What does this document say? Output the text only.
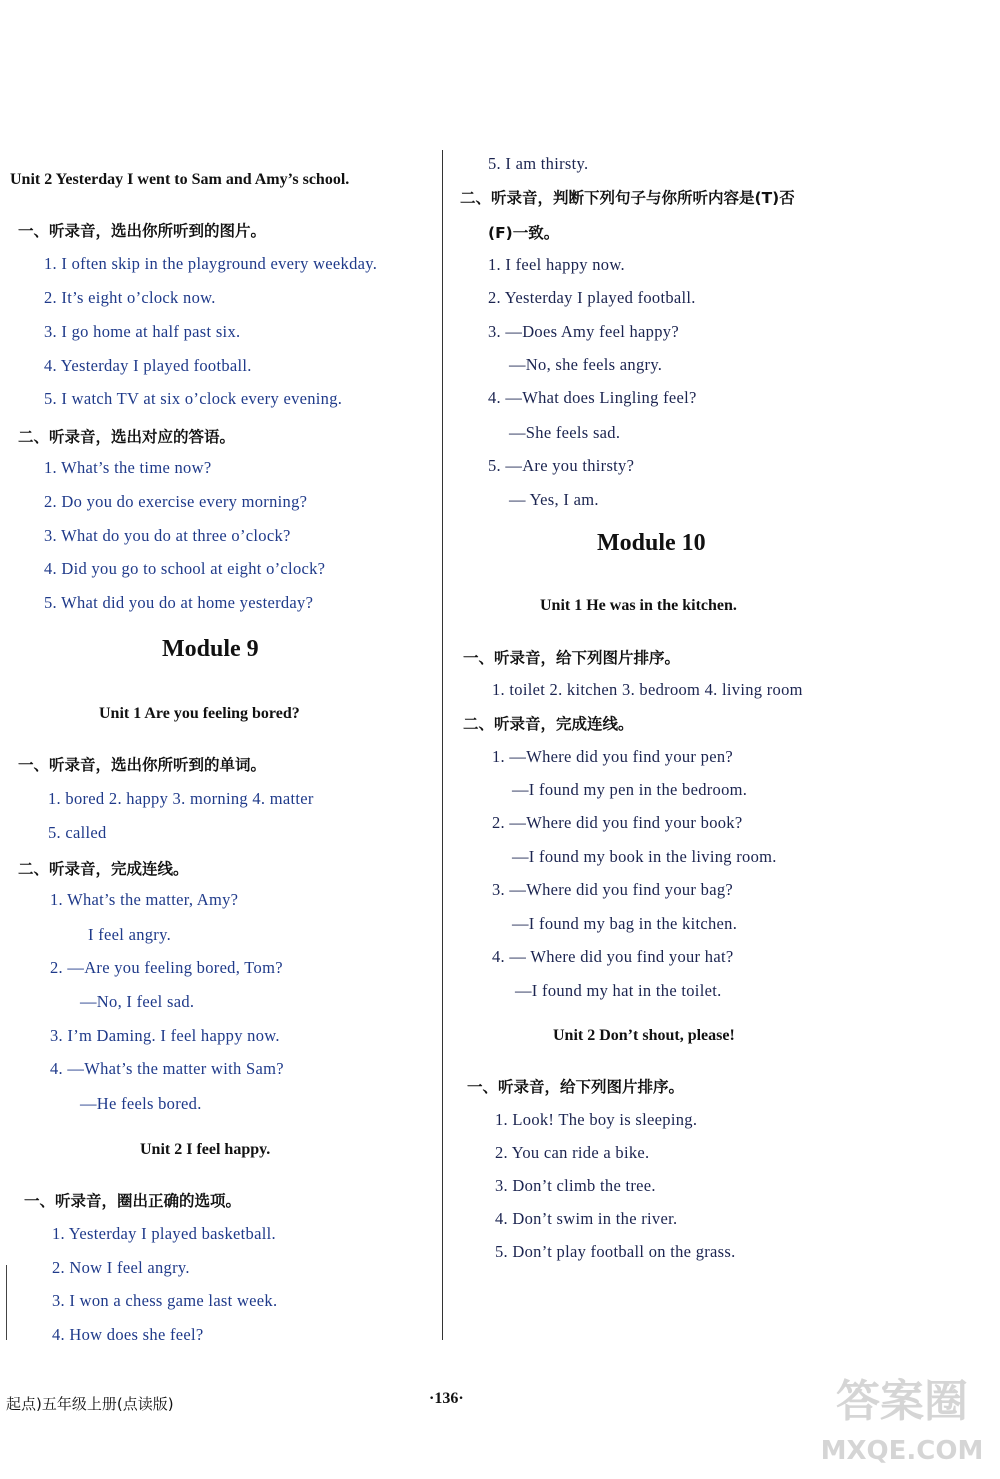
Unit 2 Yesterday I went to Sam and Amy’s school.
一、听录音，选出你所听到的图片。
1. I often skip in the playground every weekday.
2. It’s eight o’clock now.
3. I go home at half past six.
4. Yesterday I played football.
5. I watch TV at six o’clock every evening.
二、听录音，选出对应的答语。
1. What’s the time now?
2. Do you do exercise every morning?
3. What do you do at three o’clock?
4. Did you go to school at eight o’clock?
5. What did you do at home yesterday?
Module 9
Unit 1 Are you feeling bored?
一、听录音，选出你所听到的单词。
1. bored 2. happy 3. morning 4. matter
5. called
二、听录音，完成连线。
1. What’s the matter, Amy?
I feel angry.
2. —Are you feeling bored, Tom?
—No, I feel sad.
3. I’m Daming. I feel happy now.
4. —What’s the matter with Sam?
—He feels bored.
Unit 2 I feel happy.
一、听录音，圈出正确的选项。
1. Yesterday I played basketball.
2. Now I feel angry.
3. I won a chess game last week.
4. How does she feel?
5. I am thirsty.
二、听录音，判断下列句子与你所听内容是(T)否
(F)一致。
1. I feel happy now.
2. Yesterday I played football.
3. —Does Amy feel happy?
—No, she feels angry.
4. —What does Lingling feel?
—She feels sad.
5. —Are you thirsty?
— Yes, I am.
Module 10
Unit 1 He was in the kitchen.
一、听录音，给下列图片排序。
1. toilet 2. kitchen 3. bedroom 4. living room
二、听录音，完成连线。
1. —Where did you find your pen?
—I found my pen in the bedroom.
2. —Where did you find your book?
—I found my book in the living room.
3. —Where did you find your bag?
—I found my bag in the kitchen.
4. — Where did you find your hat?
—I found my hat in the toilet.
Unit 2 Don’t shout, please!
一、听录音，给下列图片排序。
1. Look! The boy is sleeping.
2. You can ride a bike.
3. Don’t climb the tree.
4. Don’t swim in the river.
5. Don’t play football on the grass.
起点)五年级上册(点读版)	·136·	答案圈
MXQE.COM
